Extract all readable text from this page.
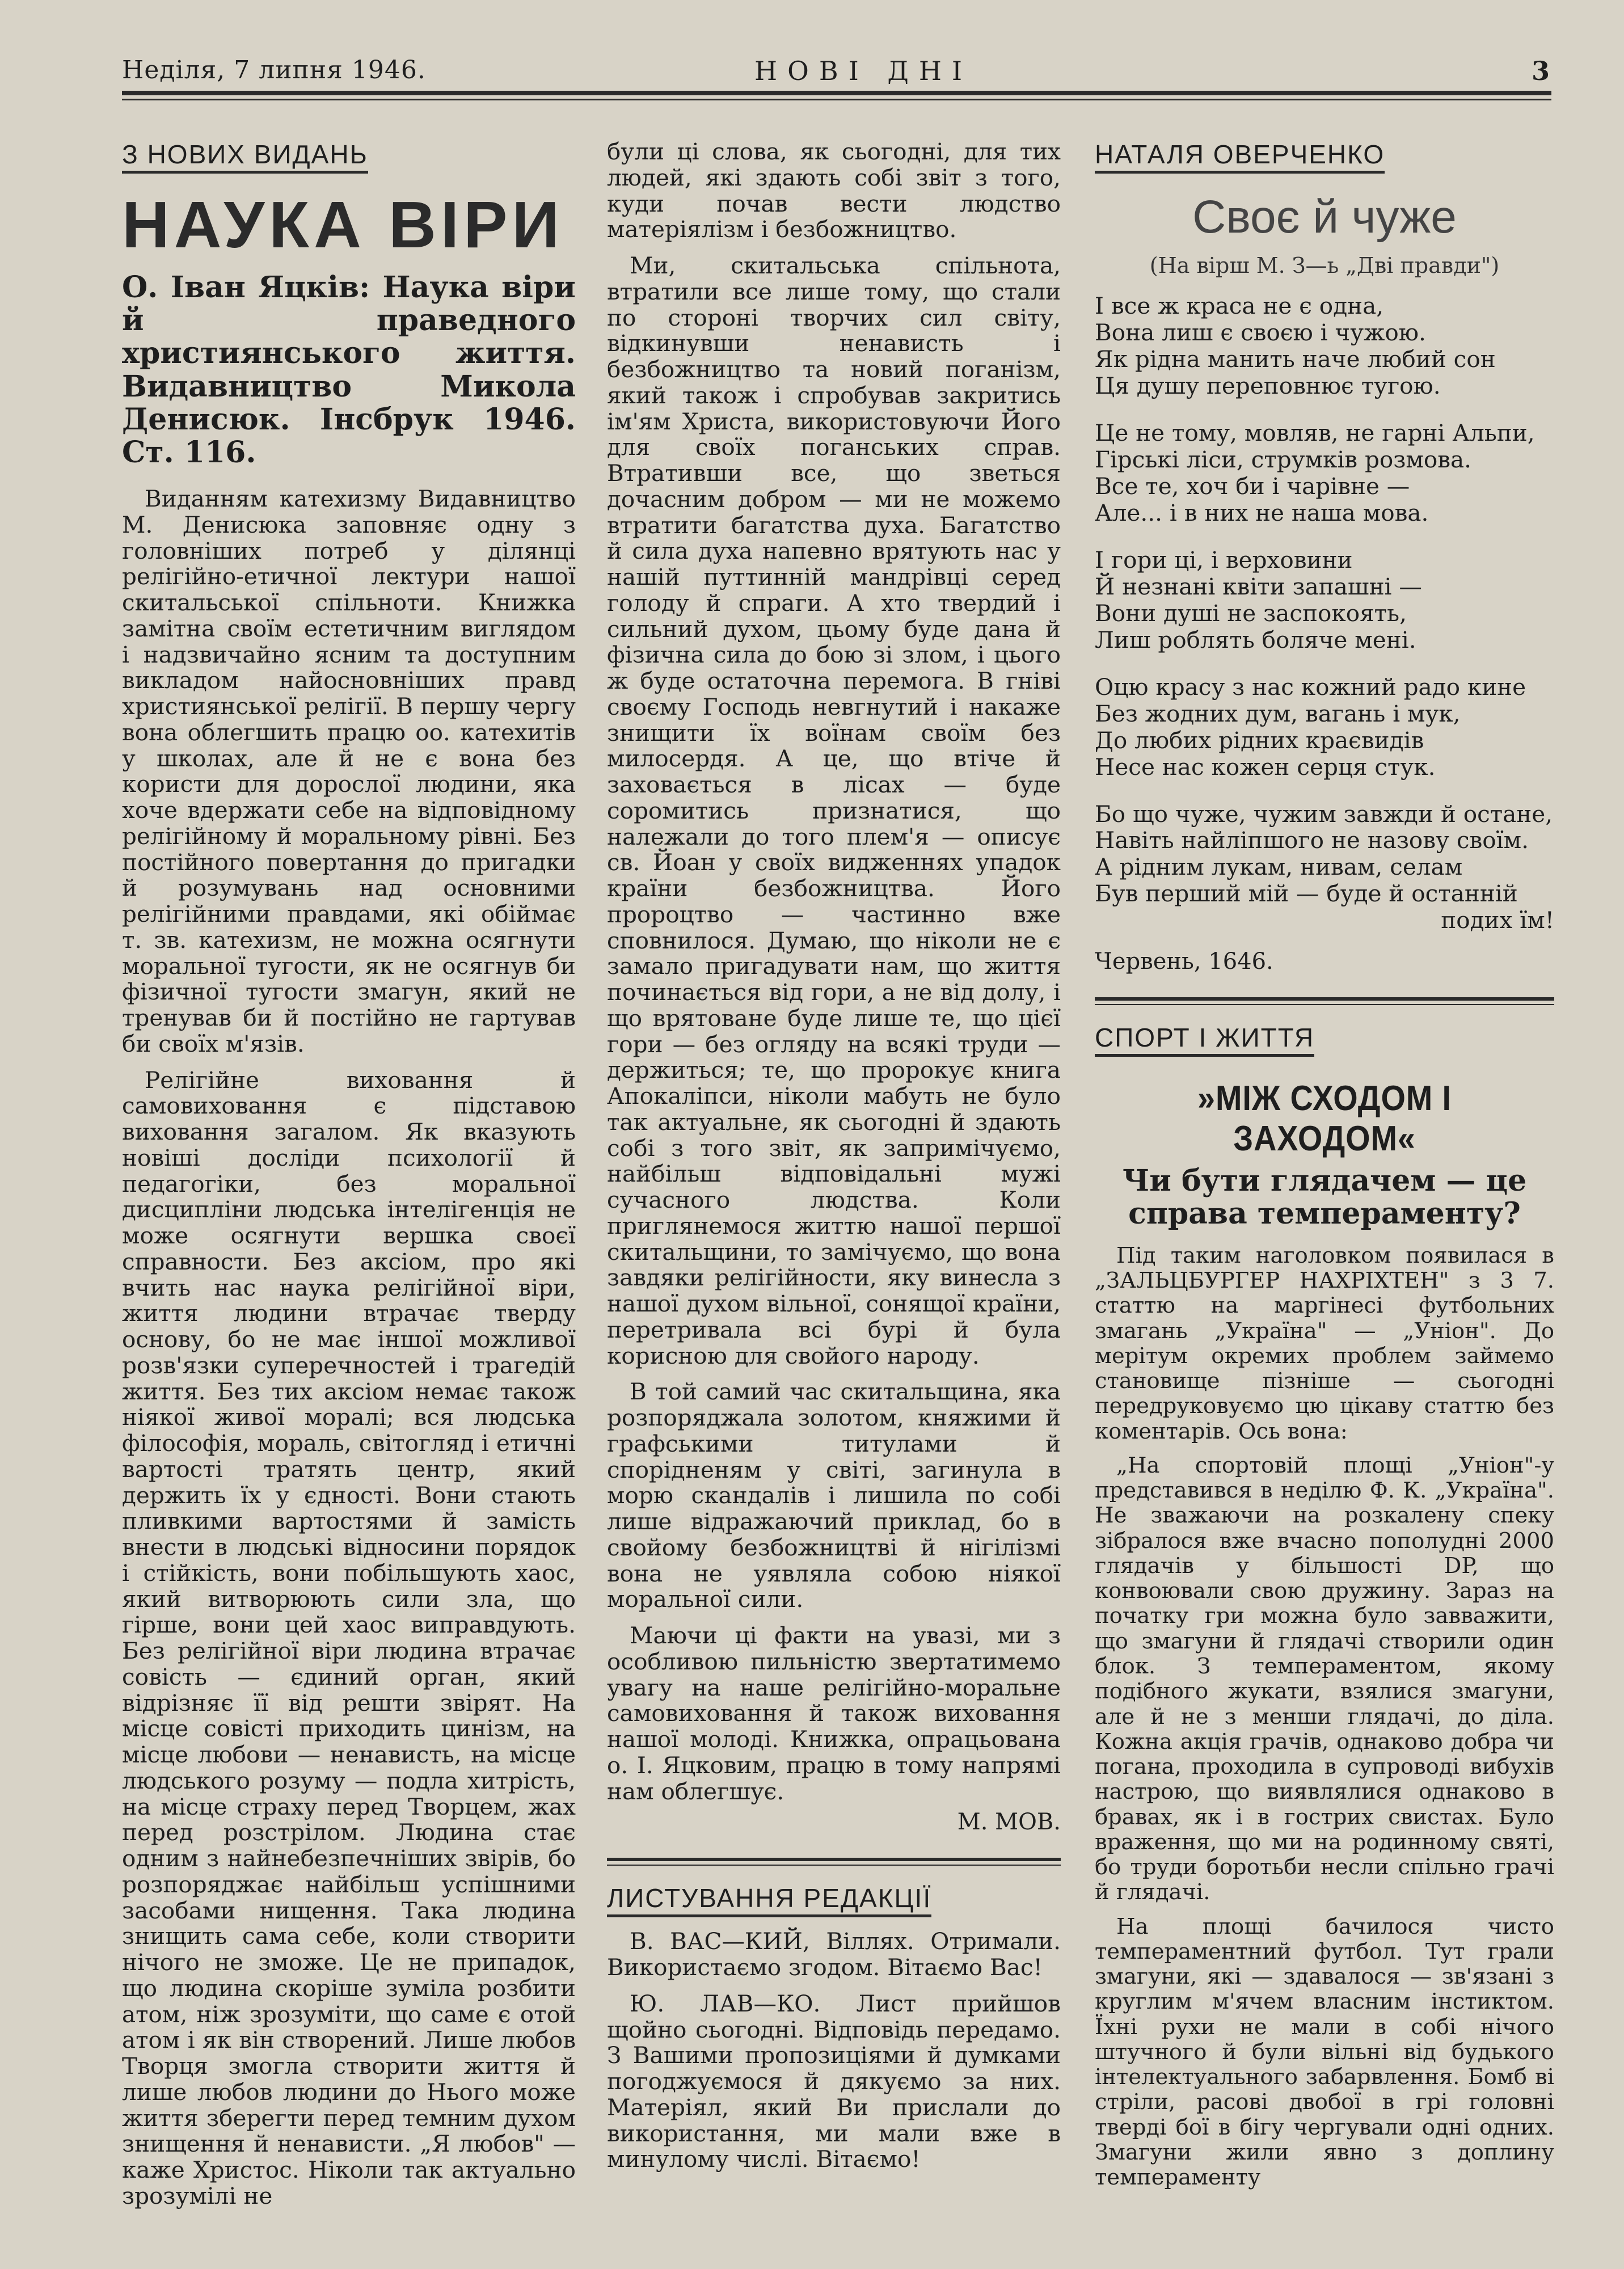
Неділя, 7 липня 1946.	НОВІ ДНІ	3
З НОВИХ ВИДАНЬ
НАУКА ВІРИ

О. Іван Яцків: Наука віри й праведного християнського життя. Видавництво Микола Денисюк. Інсбрук 1946. Ст. 116.

Виданням катехизму Видавництво М. Денисюка заповняє одну з головніших потреб у ділянці релігійно-етичної лектури нашої скитальської спільноти. Книжка замітна своїм естетичним виглядом і надзвичайно ясним та доступним викладом найосновніших правд християнської релігії. В першу чергу вона облегшить працю оо. катехитів у школах, але й не є вона без користи для дорослої людини, яка хоче вдержати себе на відповідному релігійному й моральному рівні. Без постійного повертання до пригадки й розумувань над основними релігійними правдами, які обіймає т. зв. катехизм, не можна осягнути моральної тугости, як не осягнув би фізичної тугости змагун, який не тренував би й постійно не гартував би своїх м'язів.

Релігійне виховання й самовиховання є підставою виховання загалом. Як вказують новіші досліди психології й педагогіки, без моральної дисципліни людська інтелігенція не може осягнути вершка своєї справности. Без аксіом, про які вчить нас наука релігійної віри, життя людини втрачає тверду основу, бо не має іншої можливої розв'язки суперечностей і трагедій життя. Без тих аксіом немає також ніякої живої моралі; вся людська філософія, мораль, світогляд і етичні вартості тратять центр, який держить їх у єдності. Вони стають пливкими вартостями й замість внести в людські відносини порядок і стійкість, вони побільшують хаос, який витворюють сили зла, що гірше, вони цей хаос виправдують. Без релігійної віри людина втрачає совість — єдиний орган, який відрізняє її від решти звірят. На місце совісті приходить цинізм, на місце любови — ненависть, на місце людського розуму — подла хитрість, на місце страху перед Творцем, жах перед розстрілом. Людина стає одним з найнебезпечніших звірів, бо розпоряджає найбільш успішними засобами нищення. Така людина знищить сама себе, коли створити нічого не зможе. Це не припадок, що людина скоріше зуміла розбити атом, ніж зрозуміти, що саме є отой атом і як він створений. Лише любов Творця змогла створити життя й лише любов людини до Нього може життя зберегти перед темним духом знищення й ненависти. „Я любов" — каже Христос. Ніколи так актуально зрозумілі не

були ці слова, як сьогодні, для тих людей, які здають собі звіт з того, куди почав вести людство матеріялізм і безбожництво.

Ми, скитальська спільнота, втратили все лише тому, що стали по стороні творчих сил світу, відкинувши ненависть і безбожництво та новий поганізм, який також і спробував закритись ім'ям Христа, використовуючи Його для своїх поганських справ. Втративши все, що зветься дочасним добром — ми не можемо втратити багатства духа. Багатство й сила духа напевно врятують нас у нашій путтинній мандрівці серед голоду й спраги. А хто твердий і сильний духом, цьому буде дана й фізична сила до бою зі злом, і цього ж буде остаточна перемога. В гніві своєму Господь невгнутий і накаже знищити їх воїнам своїм без милосердя. А це, що втіче й заховається в лісах — буде соромитись признатися, що належали до того плем'я — описує св. Йоан у своїх видженнях упадок країни безбожництва. Його пророцтво — частинно вже сповнилося. Думаю, що ніколи не є замало пригадувати нам, що життя починається від гори, а не від долу, і що врятоване буде лише те, що цієї гори — без огляду на всякі труди — держиться; те, що пророкує книга Апокаліпси, ніколи мабуть не було так актуальне, як сьогодні й здають собі з того звіт, як запримічуємо, найбільш відповідальні мужі сучасного людства. Коли приглянемося життю нашої першої скитальщини, то замічуємо, що вона завдяки релігійности, яку винесла з нашої духом вільної, сонящої країни, перетривала всі бурі й була корисною для свойого народу.

В той самий час скитальщина, яка розпоряджала золотом, княжими й графськими титулами й спорідненям у світі, загинула в морю скандалів і лишила по собі лише відражаючий приклад, бо в свойому безбожництві й нігілізмі вона не уявляла собою ніякої моральної сили.

Маючи ці факти на увазі, ми з особливою пильністю звертатимемо увагу на наше релігійно-моральне самовиховання й також виховання нашої молоді. Книжка, опрацьована о. І. Яцковим, працю в тому напрямі нам облегшує.

М. МОВ.
ЛИСТУВАННЯ РЕДАКЦІЇ

В. ВАС—КИЙ, Віллях. Отримали. Використаємо згодом. Вітаємо Вас!

Ю. ЛАВ—КО. Лист прийшов щойно сьогодні. Відповідь передамо. З Вашими пропозиціями й думками погоджуємося й дякуємо за них. Матеріял, який Ви прислали до використання, ми мали вже в минулому числі. Вітаємо!

НАТАЛЯ ОВЕРЧЕНКО
Своє й чуже
(На вірш М. З—ь „Дві правди")
І все ж краса не є одна,
Вона лиш є своєю і чужою.
Як рідна манить наче любий сон
Ця душу переповнює тугою.
Це не тому, мовляв, не гарні Альпи,
Гірські ліси, струмків розмова.
Все те, хоч би і чарівне —
Але... і в них не наша мова.
І гори ці, і верховини
Й незнані квіти запашні —
Вони душі не заспокоять,
Лиш роблять боляче мені.
Оцю красу з нас кожний радо кине
Без жодних дум, вагань і мук,
До любих рідних краєвидів
Несе нас кожен серця стук.
Бо що чуже, чужим завжди й остане,
Навіть найліпшого не назову своїм.
А рідним лукам, нивам, селам
Був перший мій — буде й останній
подих їм!
Червень, 1646.
СПОРТ І ЖИТТЯ
»МІЖ СХОДОМ І ЗАХОДОМ«
Чи бути глядачем — це справа темпераменту?

Під таким наголовком появилася в „ЗАЛЬЦБУРГЕР НАХРІХТЕН" з 3 7. статтю на маргінесі футбольних змагань „Україна" — „Уніон". До мерітум окремих проблем займемо становище пізніше — сьогодні передруковуємо цю цікаву статтю без коментарів. Ось вона:

„На спортовій площі „Уніон"-у представився в неділю Ф. К. „Україна". Не зважаючи на розкалену спеку зібралося вже вчасно пополудні 2000 глядачів у більшості DP, що конвоювали свою дружину. Зараз на початку гри можна було завважити, що змагуни й глядачі створили один блок. З темпераментом, якому подібного жукати, взялися змагуни, але й не з менши глядачі, до діла. Кожна акція грачів, однаково добра чи погана, проходила в супроводі вибухів настрою, що виявлялися однаково в бравах, як і в гострих свистах. Було враження, що ми на родинному святі, бо труди боротьби несли спільно грачі й глядачі.

На площі бачилося чисто темпераментний футбол. Тут грали змагуни, які — здавалося — зв'язані з круглим м'ячем власним інстиктом. Їхні рухи не мали в собі нічого штучного й були вільні від будького інтелектуального забарвлення. Бомб ві стріли, расові двобої в грі головні тверді бої в бігу чергували одні одних. Змагуни жили явно з доплину темпераменту
